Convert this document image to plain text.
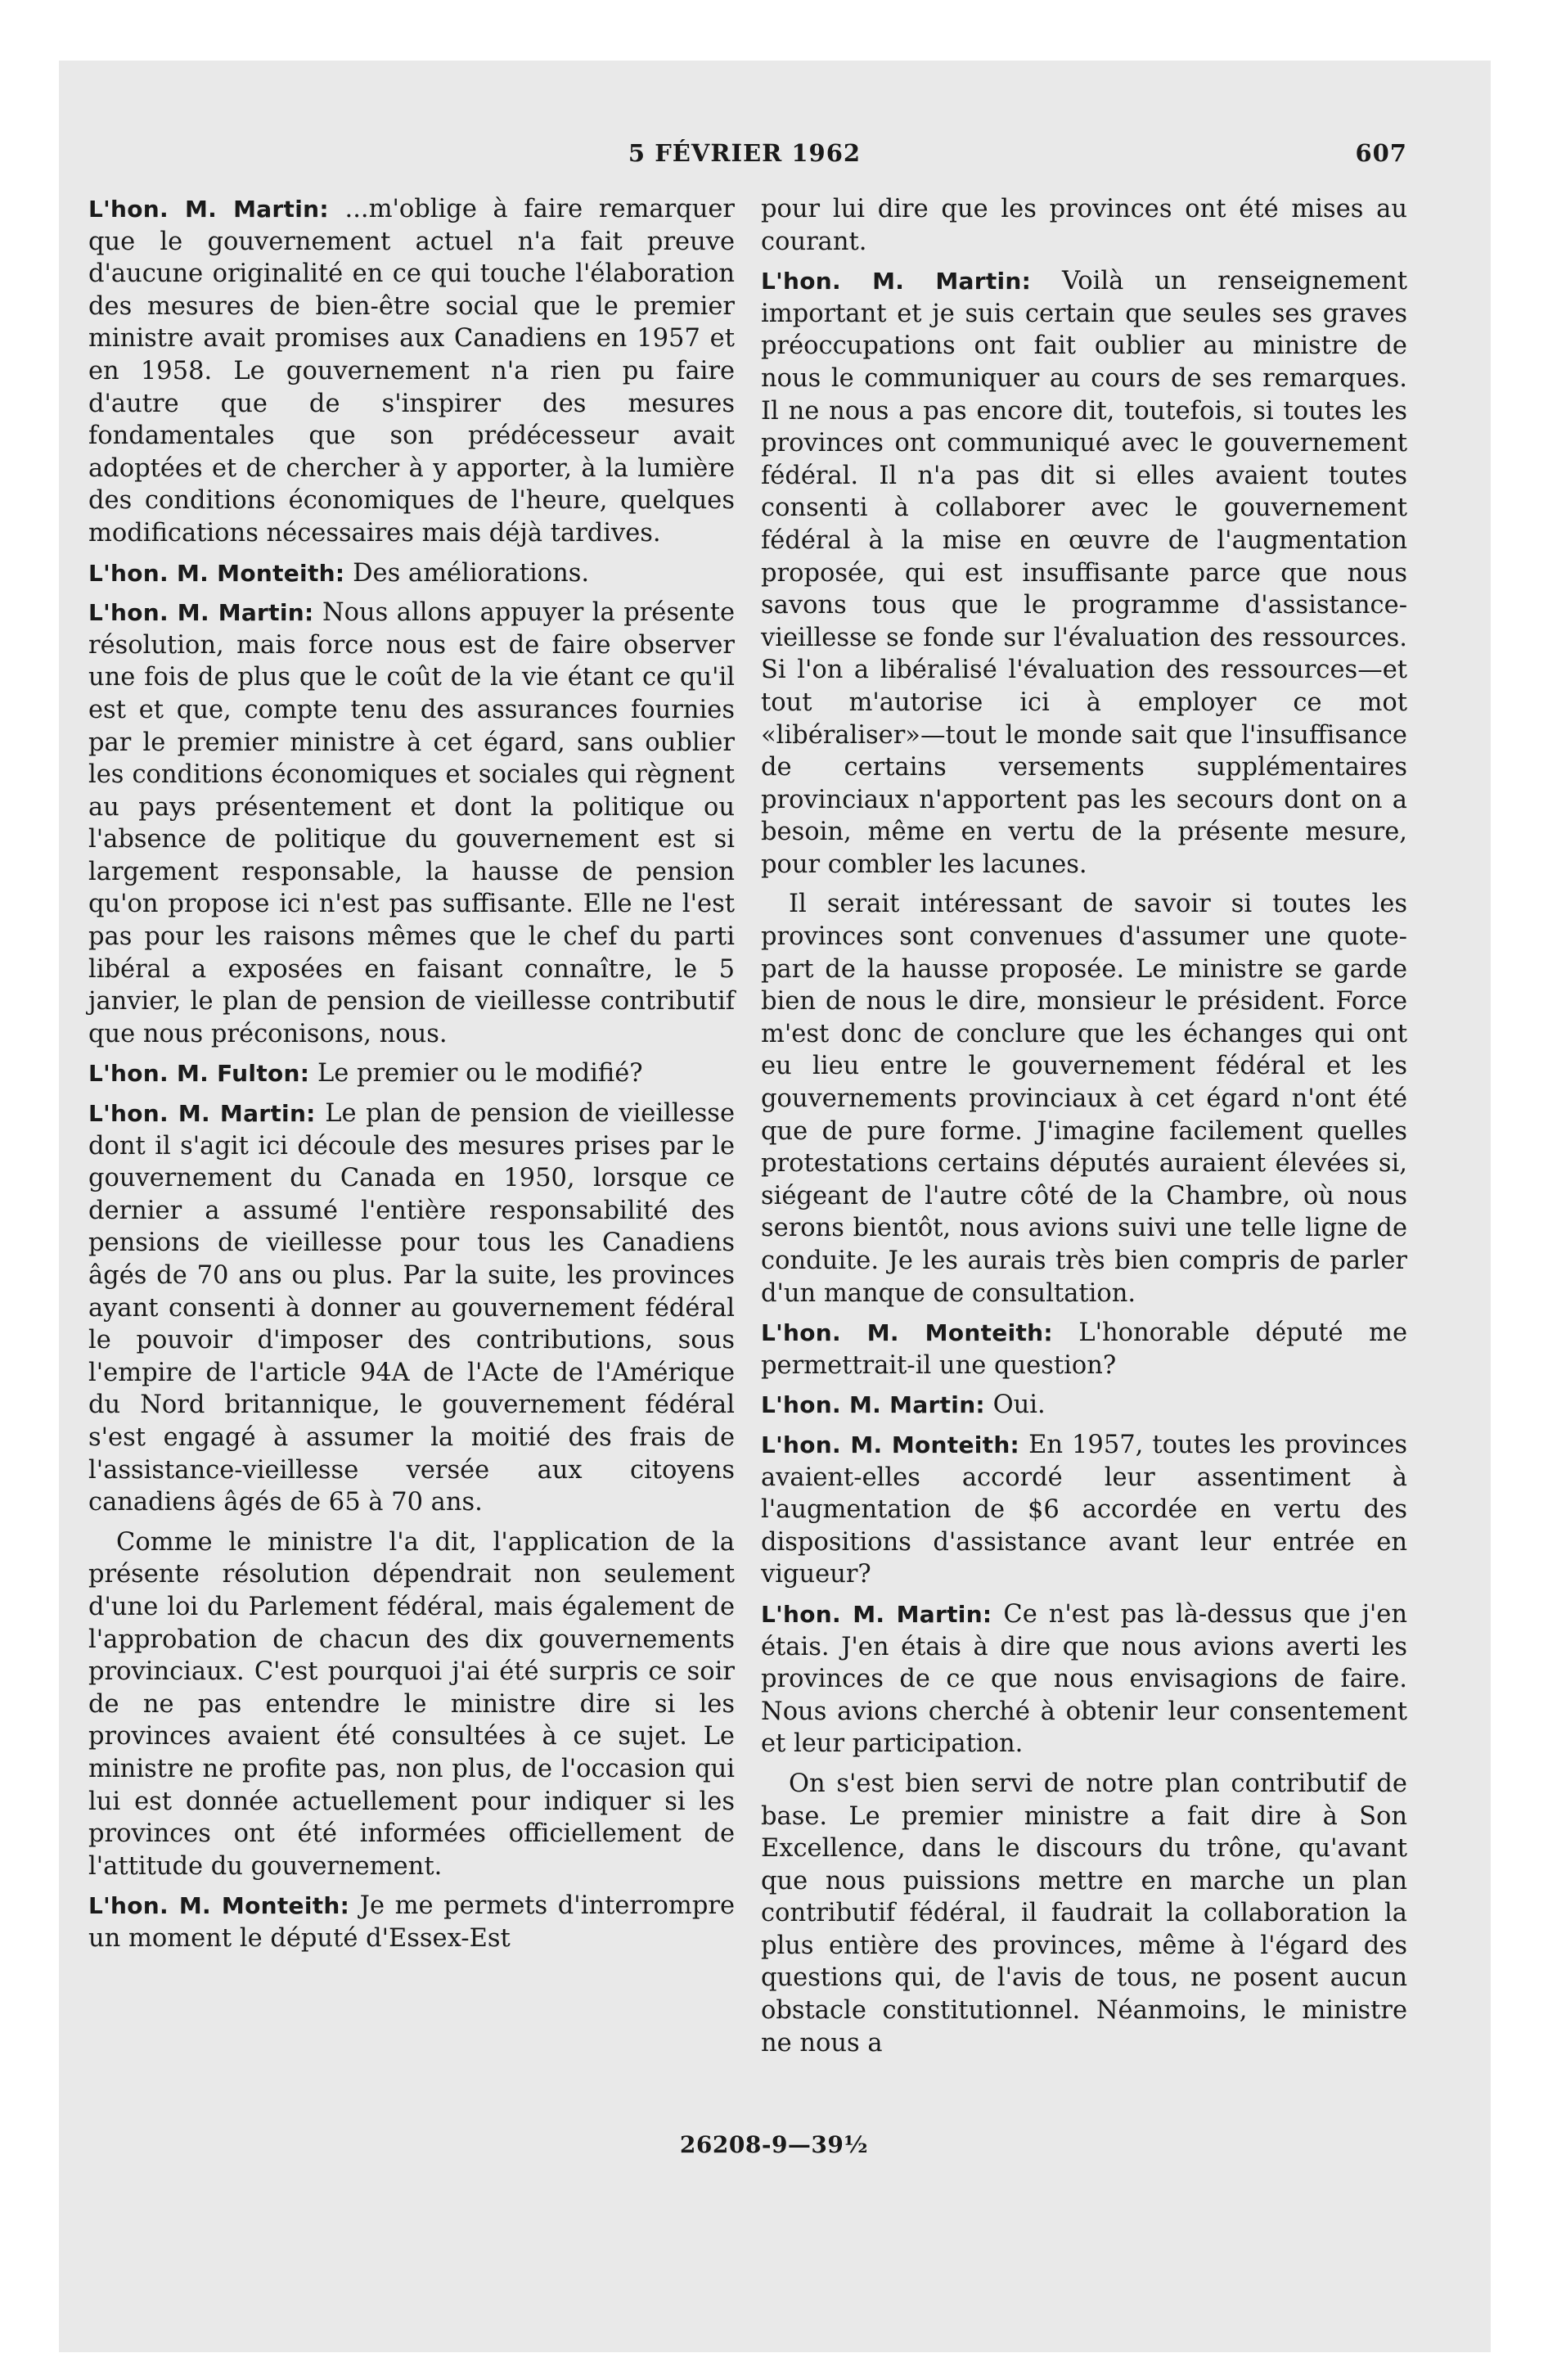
5 FÉVRIER 1962	607

L'hon. M. Martin: ...m'oblige à faire remarquer que le gouvernement actuel n'a fait preuve d'aucune originalité en ce qui touche l'élaboration des mesures de bien-être social que le premier ministre avait promises aux Canadiens en 1957 et en 1958. Le gouvernement n'a rien pu faire d'autre que de s'inspirer des mesures fondamentales que son prédécesseur avait adoptées et de chercher à y apporter, à la lumière des conditions économiques de l'heure, quelques modifications nécessaires mais déjà tardives.

L'hon. M. Monteith: Des améliorations.

L'hon. M. Martin: Nous allons appuyer la présente résolution, mais force nous est de faire observer une fois de plus que le coût de la vie étant ce qu'il est et que, compte tenu des assurances fournies par le premier ministre à cet égard, sans oublier les conditions économiques et sociales qui règnent au pays présentement et dont la politique ou l'absence de politique du gouvernement est si largement responsable, la hausse de pension qu'on propose ici n'est pas suffisante. Elle ne l'est pas pour les raisons mêmes que le chef du parti libéral a exposées en faisant connaître, le 5 janvier, le plan de pension de vieillesse contributif que nous préconisons, nous.

L'hon. M. Fulton: Le premier ou le modifié?

L'hon. M. Martin: Le plan de pension de vieillesse dont il s'agit ici découle des mesures prises par le gouvernement du Canada en 1950, lorsque ce dernier a assumé l'entière responsabilité des pensions de vieillesse pour tous les Canadiens âgés de 70 ans ou plus. Par la suite, les provinces ayant consenti à donner au gouvernement fédéral le pouvoir d'imposer des contributions, sous l'empire de l'article 94A de l'Acte de l'Amérique du Nord britannique, le gouvernement fédéral s'est engagé à assumer la moitié des frais de l'assistance-vieillesse versée aux citoyens canadiens âgés de 65 à 70 ans.

Comme le ministre l'a dit, l'application de la présente résolution dépendrait non seulement d'une loi du Parlement fédéral, mais également de l'approbation de chacun des dix gouvernements provinciaux. C'est pourquoi j'ai été surpris ce soir de ne pas entendre le ministre dire si les provinces avaient été consultées à ce sujet. Le ministre ne profite pas, non plus, de l'occasion qui lui est donnée actuellement pour indiquer si les provinces ont été informées officiellement de l'attitude du gouvernement.

L'hon. M. Monteith: Je me permets d'interrompre un moment le député d'Essex-Est

pour lui dire que les provinces ont été mises au courant.

L'hon. M. Martin: Voilà un renseignement important et je suis certain que seules ses graves préoccupations ont fait oublier au ministre de nous le communiquer au cours de ses remarques. Il ne nous a pas encore dit, toutefois, si toutes les provinces ont communiqué avec le gouvernement fédéral. Il n'a pas dit si elles avaient toutes consenti à collaborer avec le gouvernement fédéral à la mise en œuvre de l'augmentation proposée, qui est insuffisante parce que nous savons tous que le programme d'assistance-vieillesse se fonde sur l'évaluation des ressources. Si l'on a libéralisé l'évaluation des ressources—et tout m'autorise ici à employer ce mot «libéraliser»—tout le monde sait que l'insuffisance de certains versements supplémentaires provinciaux n'apportent pas les secours dont on a besoin, même en vertu de la présente mesure, pour combler les lacunes.

Il serait intéressant de savoir si toutes les provinces sont convenues d'assumer une quote-part de la hausse proposée. Le ministre se garde bien de nous le dire, monsieur le président. Force m'est donc de conclure que les échanges qui ont eu lieu entre le gouvernement fédéral et les gouvernements provinciaux à cet égard n'ont été que de pure forme. J'imagine facilement quelles protestations certains députés auraient élevées si, siégeant de l'autre côté de la Chambre, où nous serons bientôt, nous avions suivi une telle ligne de conduite. Je les aurais très bien compris de parler d'un manque de consultation.

L'hon. M. Monteith: L'honorable député me permettrait-il une question?

L'hon. M. Martin: Oui.

L'hon. M. Monteith: En 1957, toutes les provinces avaient-elles accordé leur assentiment à l'augmentation de $6 accordée en vertu des dispositions d'assistance avant leur entrée en vigueur?

L'hon. M. Martin: Ce n'est pas là-dessus que j'en étais. J'en étais à dire que nous avions averti les provinces de ce que nous envisagions de faire. Nous avions cherché à obtenir leur consentement et leur participation.

On s'est bien servi de notre plan contributif de base. Le premier ministre a fait dire à Son Excellence, dans le discours du trône, qu'avant que nous puissions mettre en marche un plan contributif fédéral, il faudrait la collaboration la plus entière des provinces, même à l'égard des questions qui, de l'avis de tous, ne posent aucun obstacle constitutionnel. Néanmoins, le ministre ne nous a

26208-9—39½
